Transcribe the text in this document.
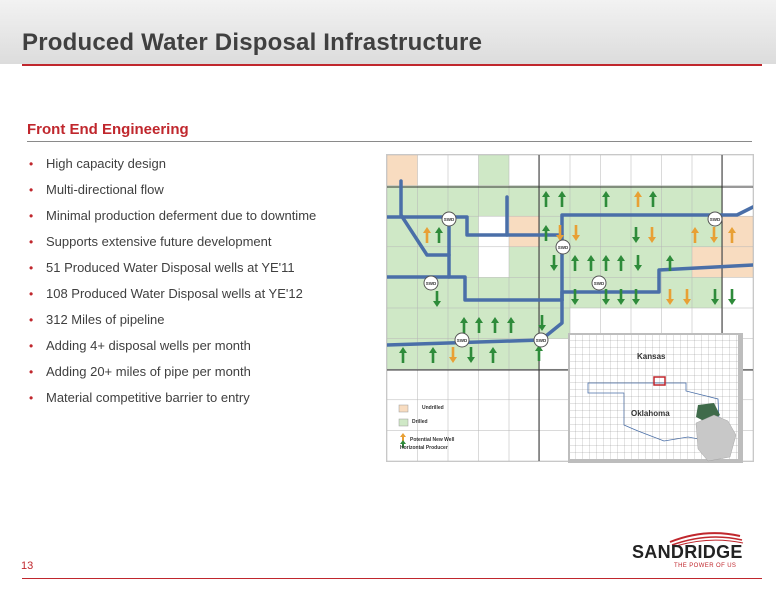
Produced Water Disposal Infrastructure
Front End Engineering
• High capacity design
• Multi-directional flow
• Minimal production deferment due to downtime
• Supports extensive future development
• 51 Produced Water Disposal wells at YE'11
• 108 Produced Water Disposal wells at YE'12
• 312 Miles of pipeline
• Adding 4+ disposal wells per month
• Adding 20+ miles of pipe per month
• Material competitive barrier to entry
SWD
SWD
SWD
SWD
SWD
SWD	SWD
Undrilled
Drilled
Potential New Well
Horizontal Producer
Kansas
Oklahoma
13
SANDRIDGE
THE POWER OF US
